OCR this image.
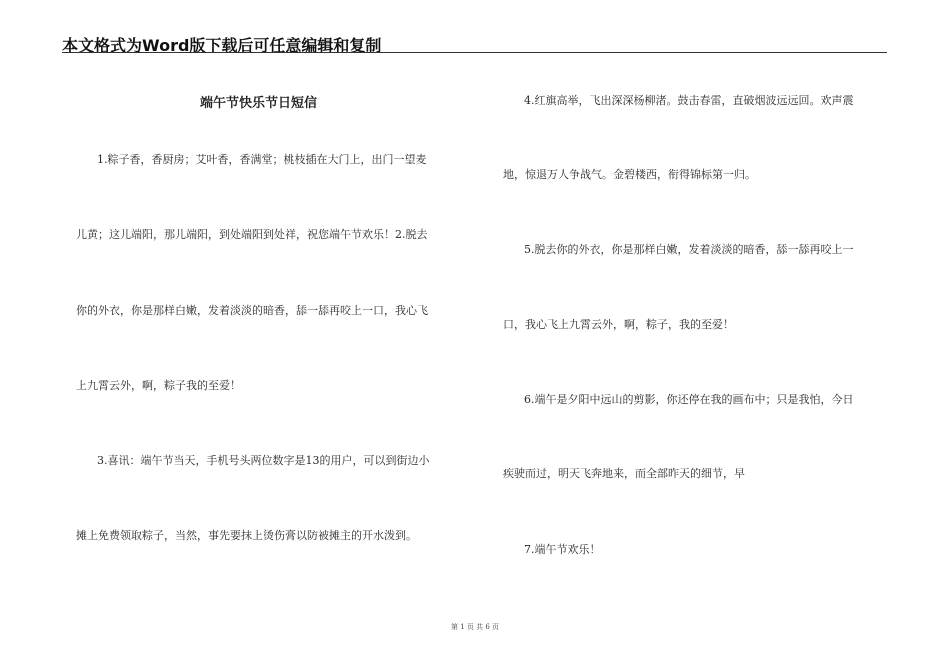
本文格式为Word版下载后可任意编辑和复制
端午节快乐节日短信
1.粽子香，香厨房；艾叶香，香满堂；桃枝插在大门上，出门一望麦
儿黄；这儿端阳，那儿端阳，到处端阳到处祥，祝您端午节欢乐！2.脱去
你的外衣，你是那样白嫩，发着淡淡的暗香，舔一舔再咬上一口，我心飞
上九霄云外，啊，粽子我的至爱！
3.喜讯：端午节当天，手机号头两位数字是13的用户，可以到街边小
摊上免费领取粽子，当然，事先要抹上烫伤膏以防被摊主的开水泼到。
4.红旗高举，飞出深深杨柳渚。鼓击春雷，直破烟波远远回。欢声震
地，惊退万人争战气。金碧楼西，衔得锦标第一归。
5.脱去你的外衣，你是那样白嫩，发着淡淡的暗香，舔一舔再咬上一
口，我心飞上九霄云外，啊，粽子，我的至爱！
6.端午是夕阳中远山的剪影，你还停在我的画布中；只是我怕，今日
疾驶而过，明天飞奔地来，而全部昨天的细节，早
7.端午节欢乐！
第 1 页 共 6 页
